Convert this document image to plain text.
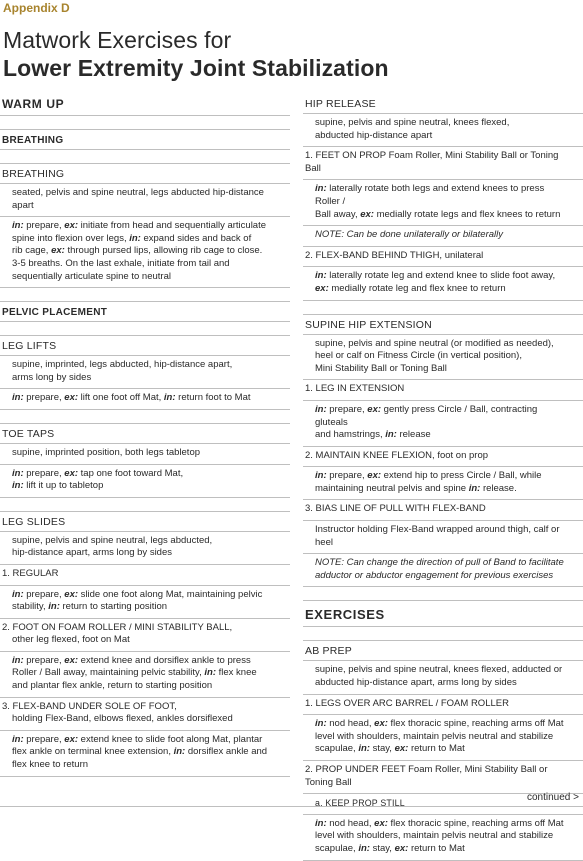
Appendix D
Matwork Exercises for
Lower Extremity Joint Stabilization
WARM UP
BREATHING
BREATHING
seated, pelvis and spine neutral, legs abducted hip-distance apart
in: prepare, ex: initiate from head and sequentially articulate
spine into flexion over legs, in: expand sides and back of
rib cage, ex: through pursed lips, allowing rib cage to close.
3-5 breaths. On the last exhale, initiate from tail and
sequentially articulate spine to neutral
PELVIC PLACEMENT
LEG LIFTS
supine, imprinted, legs abducted, hip-distance apart,
arms long by sides
in: prepare, ex: lift one foot off Mat, in: return foot to Mat
TOE TAPS
supine, imprinted position, both legs tabletop
in: prepare, ex: tap one foot toward Mat,
in: lift it up to tabletop
LEG SLIDES
supine, pelvis and spine neutral, legs abducted,
hip-distance apart, arms long by sides
1. REGULAR
in: prepare, ex: slide one foot along Mat, maintaining pelvic
stability, in: return to starting position
2. FOOT ON FOAM ROLLER / MINI STABILITY BALL,
other leg flexed, foot on Mat
in: prepare, ex: extend knee and dorsiflex ankle to press
Roller / Ball away, maintaining pelvic stability, in: flex knee
and plantar flex ankle, return to starting position
3. FLEX-BAND UNDER SOLE OF FOOT,
holding Flex-Band, elbows flexed, ankles dorsiflexed
in: prepare, ex: extend knee to slide foot along Mat, plantar
flex ankle on terminal knee extension, in: dorsiflex ankle and
flex knee to return
HIP RELEASE
supine, pelvis and spine neutral, knees flexed,
abducted hip-distance apart
1. FEET ON PROP Foam Roller, Mini Stability Ball or Toning Ball
in: laterally rotate both legs and extend knees to press Roller /
Ball away, ex: medially rotate legs and flex knees to return
NOTE: Can be done unilaterally or bilaterally
2. FLEX-BAND BEHIND THIGH, unilateral
in: laterally rotate leg and extend knee to slide foot away,
ex: medially rotate leg and flex knee to return
SUPINE HIP EXTENSION
supine, pelvis and spine neutral (or modified as needed),
heel or calf on Fitness Circle (in vertical position),
Mini Stability Ball or Toning Ball
1. LEG IN EXTENSION
in: prepare, ex: gently press Circle / Ball, contracting gluteals
and hamstrings, in: release
2. MAINTAIN KNEE FLEXION, foot on prop
in: prepare, ex: extend hip to press Circle / Ball, while
maintaining neutral pelvis and spine in: release.
3. BIAS LINE OF PULL WITH FLEX-BAND
Instructor holding Flex-Band wrapped around thigh, calf or heel
NOTE: Can change the direction of pull of Band to facilitate
adductor or abductor engagement for previous exercises
EXERCISES
AB PREP
supine, pelvis and spine neutral, knees flexed, adducted or
abducted hip-distance apart, arms long by sides
1. LEGS OVER ARC BARREL / FOAM ROLLER
in: nod head, ex: flex thoracic spine, reaching arms off Mat
level with shoulders, maintain pelvis neutral and stabilize
scapulae, in: stay, ex: return to Mat
2. PROP UNDER FEET Foam Roller, Mini Stability Ball or Toning Ball
a. KEEP PROP STILL
in: nod head, ex: flex thoracic spine, reaching arms off Mat
level with shoulders, maintain pelvis neutral and stabilize
scapulae, in: stay, ex: return to Mat
continued >
